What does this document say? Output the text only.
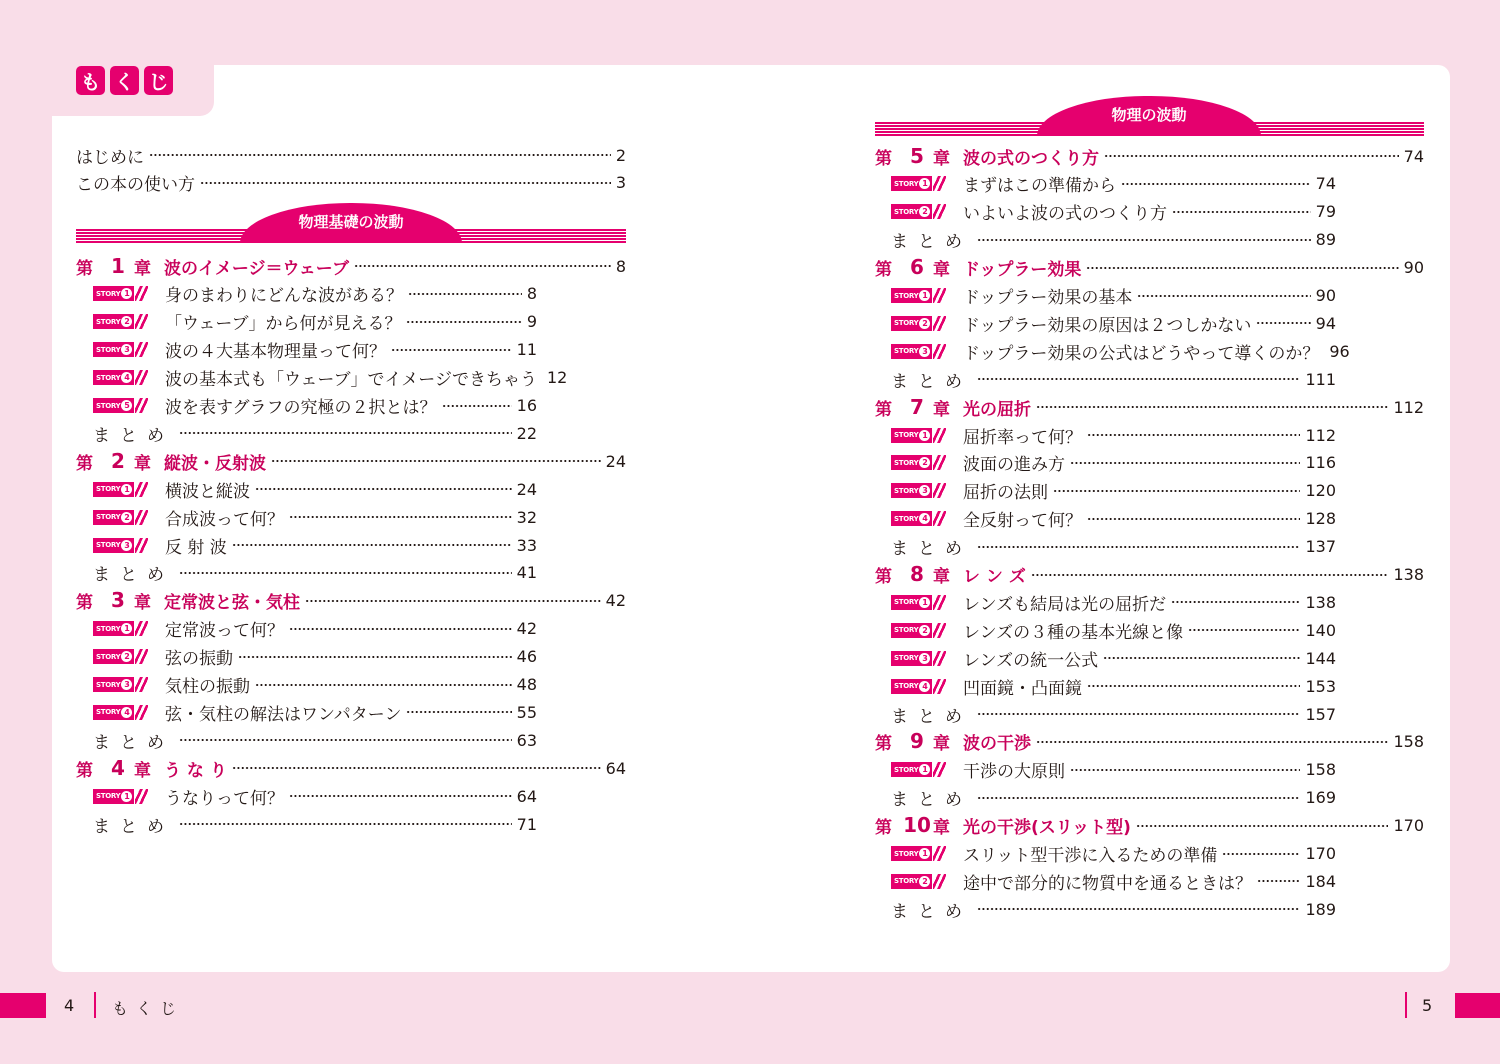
も く じ
はじめに	2
この本の使い方	3
物理基礎の波動
第 1 章 波のイメージ＝ウェーブ	8
STORY 1 身のまわりにどんな波がある？	8
STORY 2 「ウェーブ」から何が見える？	9
STORY 3 波の４大基本物理量って何？	11
STORY 4 波の基本式も「ウェーブ」でイメージできちゃう 12
STORY 5 波を表すグラフの究極の２択とは？	16
まとめ	22
第 2 章 縦波・反射波	24
STORY 1 横波と縦波	24
STORY 2 合成波って何？	32
STORY 3 反 射 波	33
まとめ	41
第 3 章 定常波と弦・気柱	42
STORY 1 定常波って何？	42
STORY 2 弦の振動	46
STORY 3 気柱の振動	48
STORY 4 弦・気柱の解法はワンパターン	55
まとめ	63
第 4 章 う な り	64
STORY 1 うなりって何？	64
まとめ	71
物理の波動
第 5 章 波の式のつくり方	74
STORY 1 まずはこの準備から	74
STORY 2 いよいよ波の式のつくり方	79
まとめ	89
第 6 章 ドップラー効果	90
STORY 1 ドップラー効果の基本	90
STORY 2 ドップラー効果の原因は２つしかない	94
STORY 3 ドップラー効果の公式はどうやって導くのか？ 96
まとめ	111
第 7 章 光の屈折	112
STORY 1 屈折率って何？	112
STORY 2 波面の進み方	116
STORY 3 屈折の法則	120
STORY 4 全反射って何？	128
まとめ	137
第 8 章 レ ン ズ	138
STORY 1 レンズも結局は光の屈折だ	138
STORY 2 レンズの３種の基本光線と像	140
STORY 3 レンズの統一公式	144
STORY 4 凹面鏡・凸面鏡	153
まとめ	157
第 9 章 波の干渉	158
STORY 1 干渉の大原則	158
まとめ	169
第 10 章 光の干渉(スリット型)	170
STORY 1 スリット型干渉に入るための準備	170
STORY 2 途中で部分的に物質中を通るときは？	184
まとめ	189
4 もくじ	5
